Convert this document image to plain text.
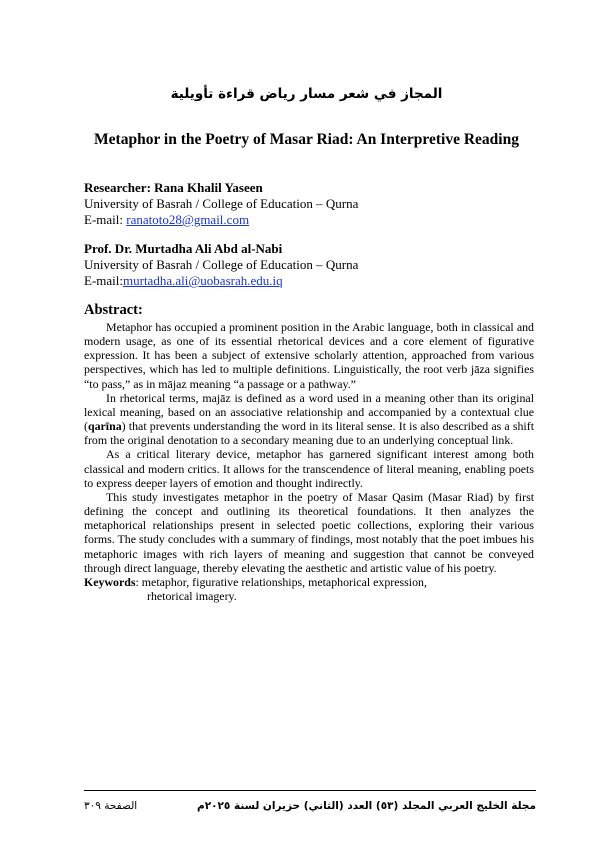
المجاز في شعر مسار رياض قراءة تأويلية
Metaphor in the Poetry of Masar Riad: An Interpretive Reading
Researcher: Rana Khalil Yaseen
University of Basrah / College of Education – Qurna
E-mail: ranatoto28@gmail.com
Prof. Dr. Murtadha Ali Abd al-Nabi
University of Basrah / College of Education – Qurna
E-mail:murtadha.ali@uobasrah.edu.iq
Abstract:

Metaphor has occupied a prominent position in the Arabic language, both in classical and modern usage, as one of its essential rhetorical devices and a core element of figurative expression. It has been a subject of extensive scholarly attention, approached from various perspectives, which has led to multiple definitions. Linguistically, the root verb jāza signifies “to pass,” as in mājaz meaning “a passage or a pathway.”

In rhetorical terms, majāz is defined as a word used in a meaning other than its original lexical meaning, based on an associative relationship and accompanied by a contextual clue (qarīna) that prevents understanding the word in its literal sense. It is also described as a shift from the original denotation to a secondary meaning due to an underlying conceptual link.

As a critical literary device, metaphor has garnered significant interest among both classical and modern critics. It allows for the transcendence of literal meaning, enabling poets to express deeper layers of emotion and thought indirectly.

This study investigates metaphor in the poetry of Masar Qasim (Masar Riad) by first defining the concept and outlining its theoretical foundations. It then analyzes the metaphorical relationships present in selected poetic collections, exploring their various forms. The study concludes with a summary of findings, most notably that the poet imbues his metaphoric images with rich layers of meaning and suggestion that cannot be conveyed through direct language, thereby elevating the aesthetic and artistic value of his poetry.

Keywords: metaphor, figurative relationships, metaphorical expression,

rhetorical imagery.

مجلة الخليج العربي المجلد (٥٣) العدد (الثاني) حزيران لسنة ٢٠٢٥م
الصفحة ٣٠٩
